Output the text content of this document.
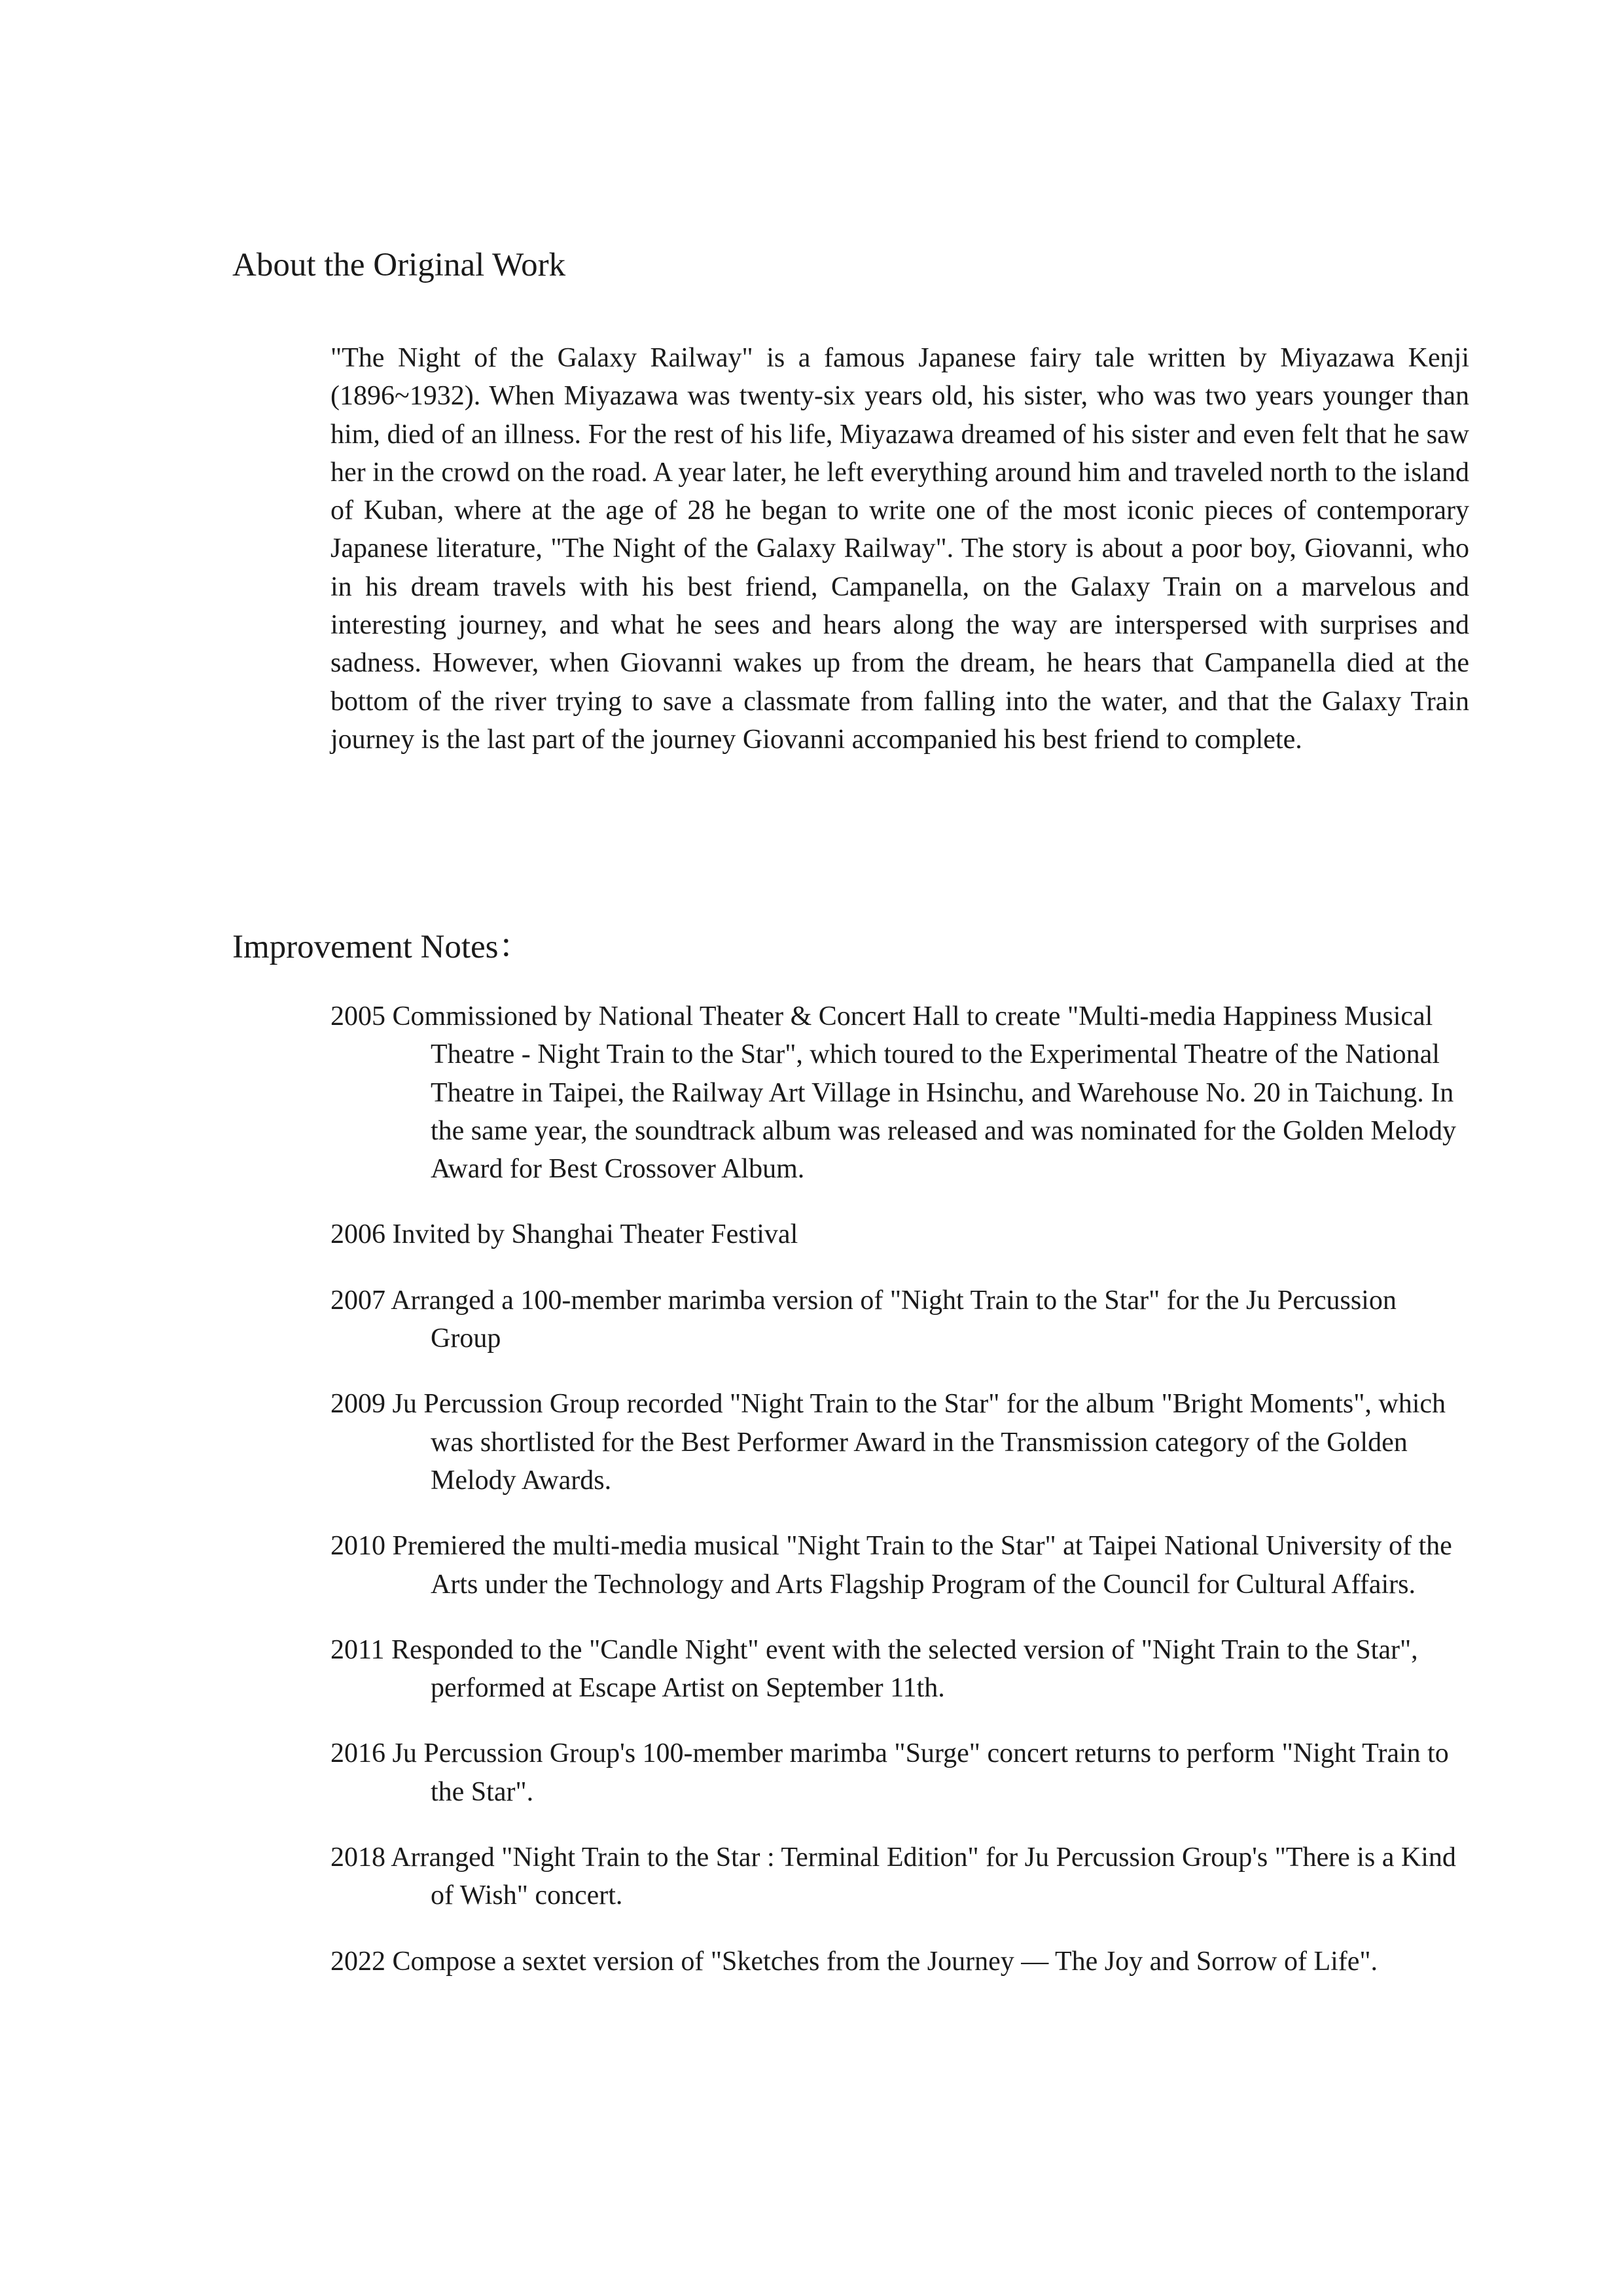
About the Original Work

"The Night of the Galaxy Railway" is a famous Japanese fairy tale written by Miyazawa Kenji (1896~1932). When Miyazawa was twenty-six years old, his sister, who was two years younger than him, died of an illness. For the rest of his life, Miyazawa dreamed of his sister and even felt that he saw her in the crowd on the road. A year later, he left everything around him and traveled north to the island of Kuban, where at the age of 28 he began to write one of the most iconic pieces of contemporary Japanese literature, "The Night of the Galaxy Railway". The story is about a poor boy, Giovanni, who in his dream travels with his best friend, Campanella, on the Galaxy Train on a marvelous and interesting journey, and what he sees and hears along the way are interspersed with surprises and sadness. However, when Giovanni wakes up from the dream, he hears that Campanella died at the bottom of the river trying to save a classmate from falling into the water, and that the Galaxy Train journey is the last part of the journey Giovanni accompanied his best friend to complete.

Improvement Notes：
2005 Commissioned by National Theater & Concert Hall to create "Multi-media Happiness Musical Theatre - Night Train to the Star", which toured to the Experimental Theatre of the National Theatre in Taipei, the Railway Art Village in Hsinchu, and Warehouse No. 20 in Taichung. In the same year, the soundtrack album was released and was nominated for the Golden Melody Award for Best Crossover Album.
2006 Invited by Shanghai Theater Festival
2007 Arranged a 100-member marimba version of "Night Train to the Star" for the Ju Percussion Group
2009 Ju Percussion Group recorded "Night Train to the Star" for the album "Bright Moments", which was shortlisted for the Best Performer Award in the Transmission category of the Golden Melody Awards.
2010 Premiered the multi-media musical "Night Train to the Star" at Taipei National University of the Arts under the Technology and Arts Flagship Program of the Council for Cultural Affairs.
2011 Responded to the "Candle Night" event with the selected version of "Night Train to the Star", performed at Escape Artist on September 11th.
2016 Ju Percussion Group's 100-member marimba "Surge" concert returns to perform "Night Train to the Star".
2018 Arranged "Night Train to the Star : Terminal Edition" for Ju Percussion Group's "There is a Kind of Wish" concert.
2022 Compose a sextet version of "Sketches from the Journey — The Joy and Sorrow of Life".
